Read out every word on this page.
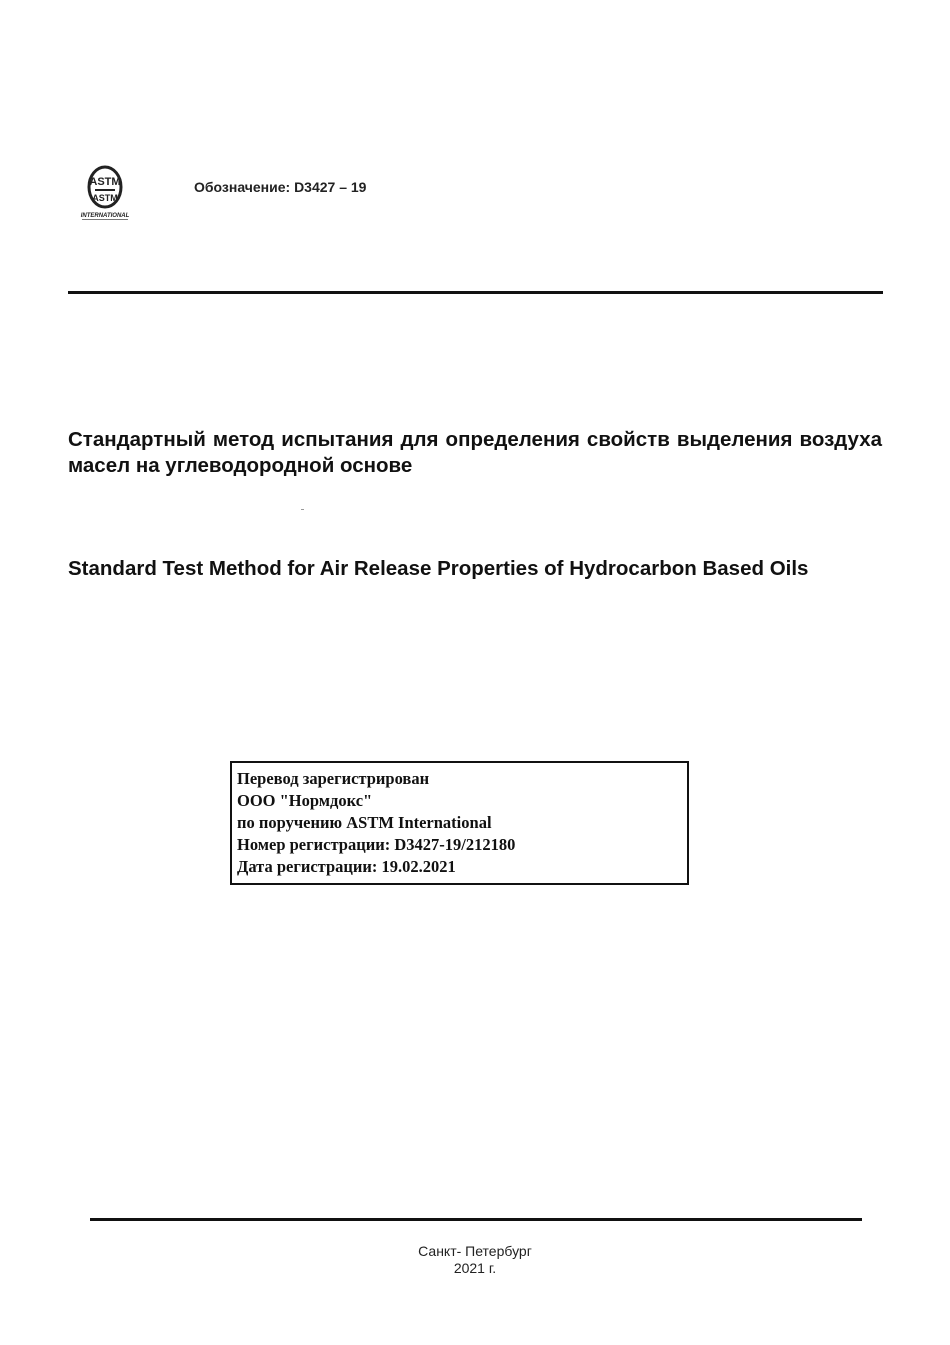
ASTM
ASTM
INTERNATIONAL
Обозначение: D3427 – 19
Стандартный метод испытания для определения свойств выделения воздуха масел на углеводородной основе
Standard Test Method for Air Release Properties of Hydrocarbon Based Oils
Перевод зарегистрирован
ООО "Нормдокс"
по поручению ASTM International
Номер регистрации: D3427-19/212180
Дата регистрации: 19.02.2021
Санкт- Петербург
2021 г.
